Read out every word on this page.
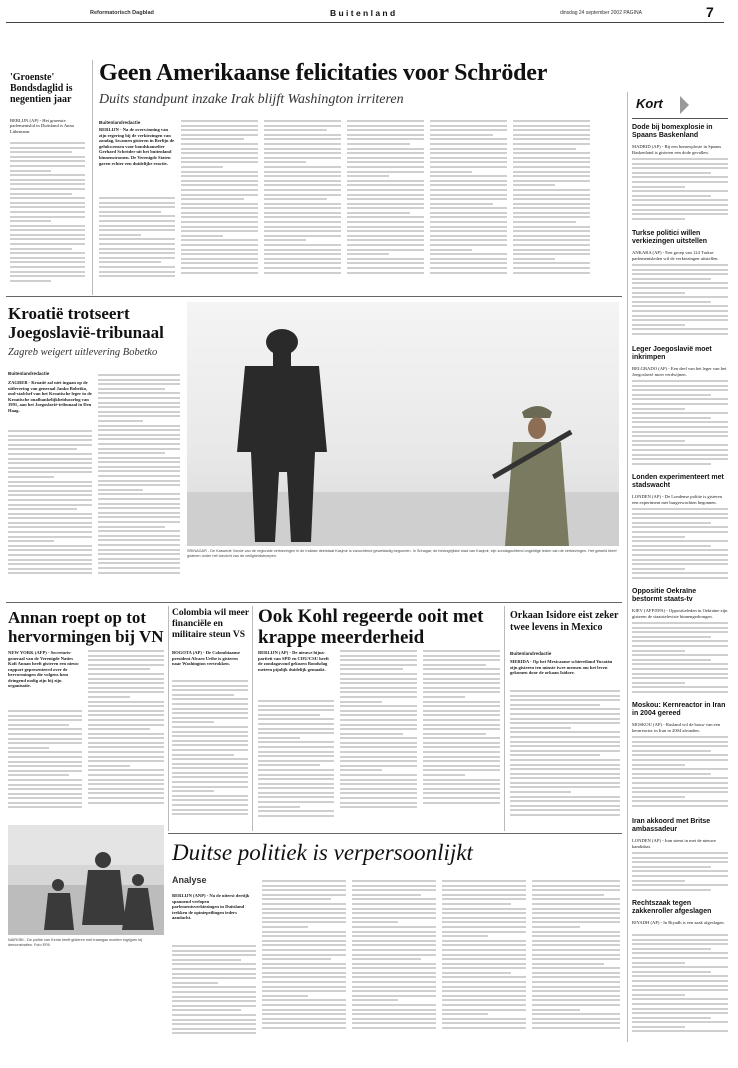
Reformatorisch Dagblad	B u i t e n l a n d	dinsdag 24 september 2002 PAGINA	7
'Groenste' Bondsdaglid is negentien jaar
BERLIJN (AP) - Het groenste parlementslid in Duitsland is Anna Lührmann.
Geen Amerikaanse felicitaties voor Schröder
Duits standpunt inzake Irak blijft Washington irriteren
Buitenlandredactie
BERLIJN - Na de overwinning van zijn regering bij de verkiezingen van zondag, kwamen gisteren in Berlijn de gelukwensen voor bondskanselier Gerhard Schröder uit het buitenland binnenstromen. De Verenigde Staten gaven echter een duidelijke reactie.
Kort
Dode bij bomexplosie in Spaans Baskenland
MADRID (AP) - Bij een bomexplosie in Spaans Baskenland is gisteren een dode gevallen.
Turkse politici willen verkiezingen uitstellen
ANKARA (AP) - Een groep van 124 Turkse parlementsleden wil de verkiezingen uitstellen.
Leger Joegoslavië moet inkrimpen
BELGRADO (AP) - Een deel van het leger van het Joegoslavië moet verdwijnen.
Londen experimenteert met stadswacht
LONDEN (AP) - De Londense politie is gisteren een experiment met burgerwachten begonnen.
Oppositie Oekraïne bestormt staats-tv
KIEV (AFP/EPA) - Oppositieleden in Oekraïne zijn gisteren de staatstelevisie binnengedrongen.
Moskou: Kernreactor in Iran in 2004 gereed
MOSKOU (AP) - Rusland wil de bouw van een kernreactor in Iran in 2004 afronden.
Iran akkoord met Britse ambassadeur
LONDEN (AP) - Iran stemt in met de nieuwe kandidaat.
Rechtszaak tegen zakkenroller afgeslagen
RIYADH (AP) - In Riyadh is een zaak afgeslagen.
Kroatië trotseert Joegoslavië-tribunaal
Zagreb weigert uitlevering Bobetko
Buitenlandredactie
ZAGREB - Kroatië zal niet ingaan op de uitlevering van generaal Janko Bobetko, oud-stafchef van het Kroatische leger in de Kroatische onafhankelijkheidsoorlog van 1991, aan het Joegoslavië-tribunaal in Den Haag.
SRINAGAR - De Kaswede Vonde van de regionale verkiezingen in de Indiase deelstaat Kasjmir is vanochtend geweldadig begonnen. In Srinagar, de belangrijkste stad van Kasjmir, zijn zondagochtend ongeldige leden van de verkiezingen. Het geweld bleef gisteren onder het toezicht van de veiligheidstroepen.
Annan roept op tot hervormingen bij VN
NEW YORK (AFP) - Secretaris-generaal van de Verenigde Naties Kofi Annan heeft gisteren een nieuw rapport gepresenteerd over de hervormingen die volgens hem dringend nodig zijn bij zijn organisatie.
NAIROBI - De politie van Kenia heeft gisteren met traangas moeten ingrijpen bij demonstraties. Foto EPA
Colombia wil meer financiële en militaire steun VS
BOGOTA (AP) - De Colombiaanse president Alvaro Uribe is gisteren naar Washington vertrokken.
Ook Kohl regeerde ooit met krappe meerderheid
BERLIJN (AP) - De nieuwe bijna-pariteit van SPD en CDU/CSU heeft de zondagavond gekozen Bondsdag meteen pijnlijk duidelijk gemaakt.
Orkaan Isidore eist zeker twee levens in Mexico
Buitenlandredactie
MERIDA - Op het Mexicaanse schiereiland Yucatán zijn gisteren ten minste twee mensen om het leven gekomen door de orkaan Isidore.
Duitse politiek is verpersoonlijkt
Analyse
BERLIJN (ANP) - Na de uiterst dertijk spannend verlopen parlementsverkiezingen in Duitsland trekken de opiniepeilingen ieders aandacht.
